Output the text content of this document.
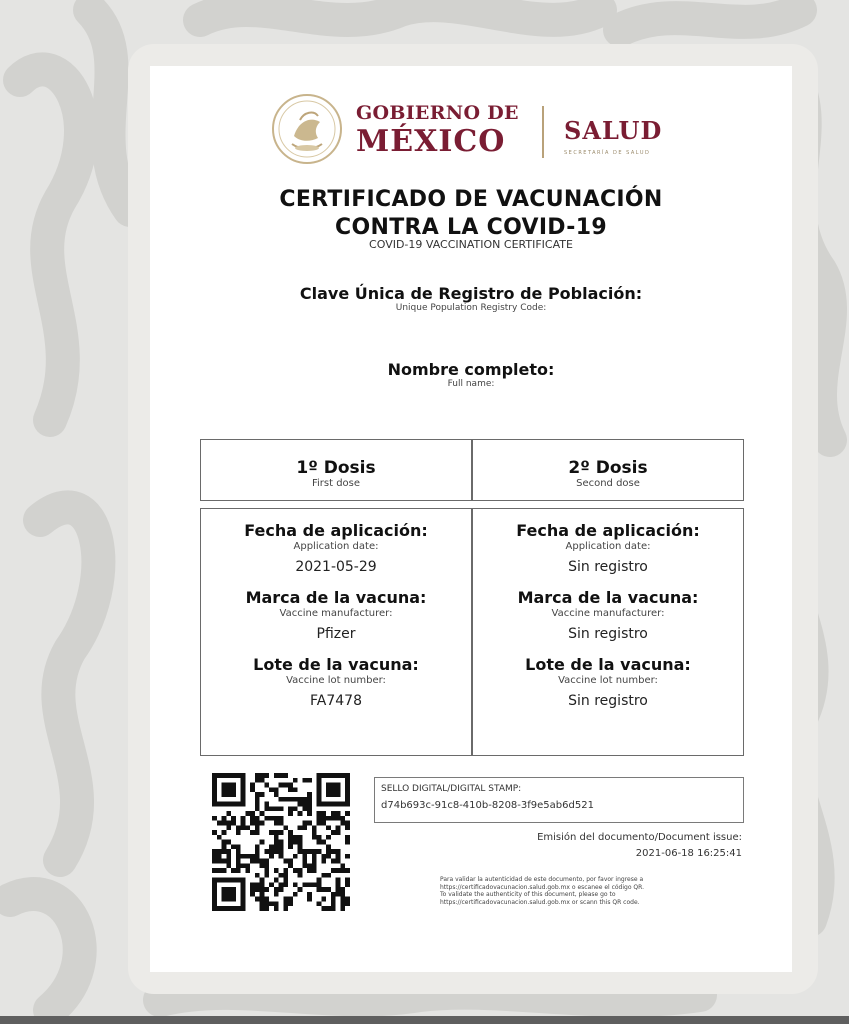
GOBIERNO DE
MÉXICO SALUD
SECRETARÍA DE SALUD
CERTIFICADO DE VACUNACIÓN
CONTRA LA COVID-19
COVID-19 VACCINATION CERTIFICATE
Clave Única de Registro de Población:
Unique Population Registry Code:
Nombre completo:
Full name:
1º Dosis
First dose
2º Dosis
Second dose
Fecha de aplicación:
Application date:
2021-05-29
Marca de la vacuna:
Vaccine manufacturer:
Pfizer
Lote de la vacuna:
Vaccine lot number:
FA7478
Fecha de aplicación:
Application date:
Sin registro
Marca de la vacuna:
Vaccine manufacturer:
Sin registro
Lote de la vacuna:
Vaccine lot number:
Sin registro
SELLO DIGITAL/DIGITAL STAMP:
d74b693c-91c8-410b-8208-3f9e5ab6d521
Emisión del documento/Document issue:
2021-06-18 16:25:41
Para validar la autenticidad de este documento, por favor ingrese a
https://certificadovacunacion.salud.gob.mx o escanee el código QR.
To validate the authenticity of this document, please go to
https://certificadovacunacion.salud.gob.mx or scann this QR code.
